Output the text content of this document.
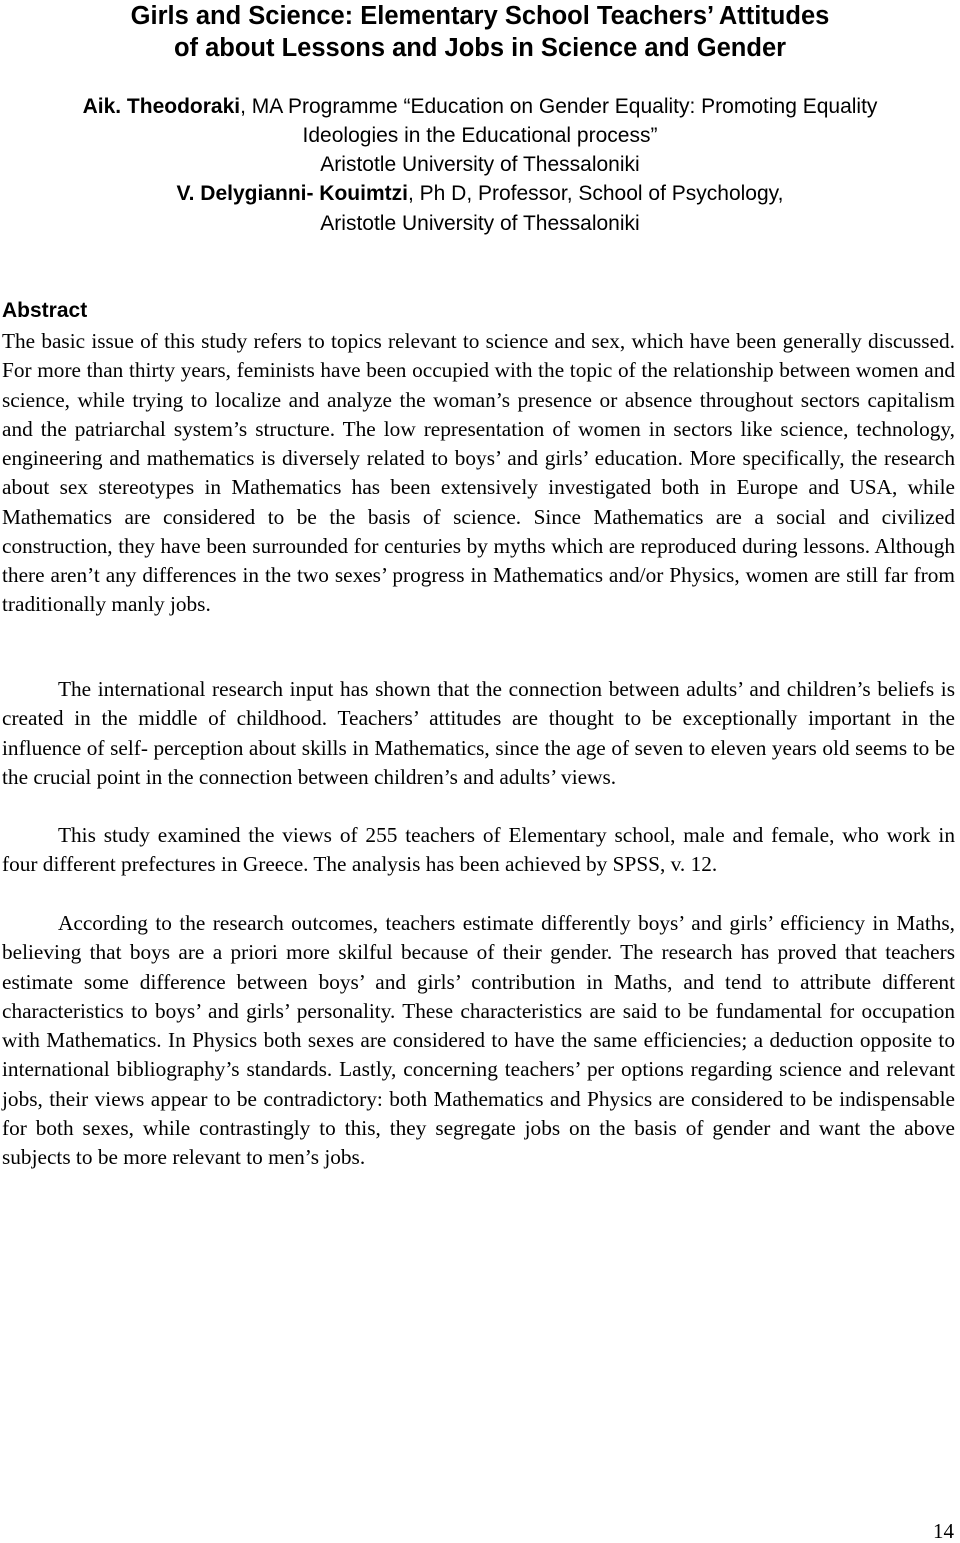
Girls and Science: Elementary School Teachers’ Attitudes
of about Lessons and Jobs in Science and Gender

Aik. Theodoraki, MA Programme “Education on Gender Equality: Promoting Equality

Ideologies in the Educational process”

Aristotle University of Thessaloniki

V. Delygianni- Kouimtzi, Ph D, Professor, School of Psychology,

Aristotle University of Thessaloniki

Abstract

The basic issue of this study refers to topics relevant to science and sex, which have been generally discussed. For more than thirty years, feminists have been occupied with the topic of the relationship between women and science, while trying to localize and analyze the woman’s presence or absence throughout sectors capitalism and the patriarchal system’s structure. The low representation of women in sectors like science, technology, engineering and mathematics is diversely related to boys’ and girls’ education. More specifically, the research about sex stereotypes in Mathematics has been extensively investigated both in Europe and USA, while Mathematics are considered to be the basis of science. Since Mathematics are a social and civilized construction, they have been surrounded for centuries by myths which are reproduced during lessons. Although there aren’t any differences in the two sexes’ progress in Mathematics and/or Physics, women are still far from traditionally manly jobs.

The international research input has shown that the connection between adults’ and children’s beliefs is created in the middle of childhood. Teachers’ attitudes are thought to be exceptionally important in the influence of self- perception about skills in Mathematics, since the age of seven to eleven years old seems to be the crucial point in the connection between children’s and adults’ views.

This study examined the views of 255 teachers of Elementary school, male and female, who work in four different prefectures in Greece. The analysis has been achieved by SPSS, v. 12.

According to the research outcomes, teachers estimate differently boys’ and girls’ efficiency in Maths, believing that boys are a priori more skilful because of their gender. The research has proved that teachers estimate some difference between boys’ and girls’ contribution in Maths, and tend to attribute different characteristics to boys’ and girls’ personality. These characteristics are said to be fundamental for occupation with Mathematics. In Physics both sexes are considered to have the same efficiencies; a deduction opposite to international bibliography’s standards. Lastly, concerning teachers’ per options regarding science and relevant jobs, their views appear to be contradictory: both Mathematics and Physics are considered to be indispensable for both sexes, while contrastingly to this, they segregate jobs on the basis of gender and want the above subjects to be more relevant to men’s jobs.

14
